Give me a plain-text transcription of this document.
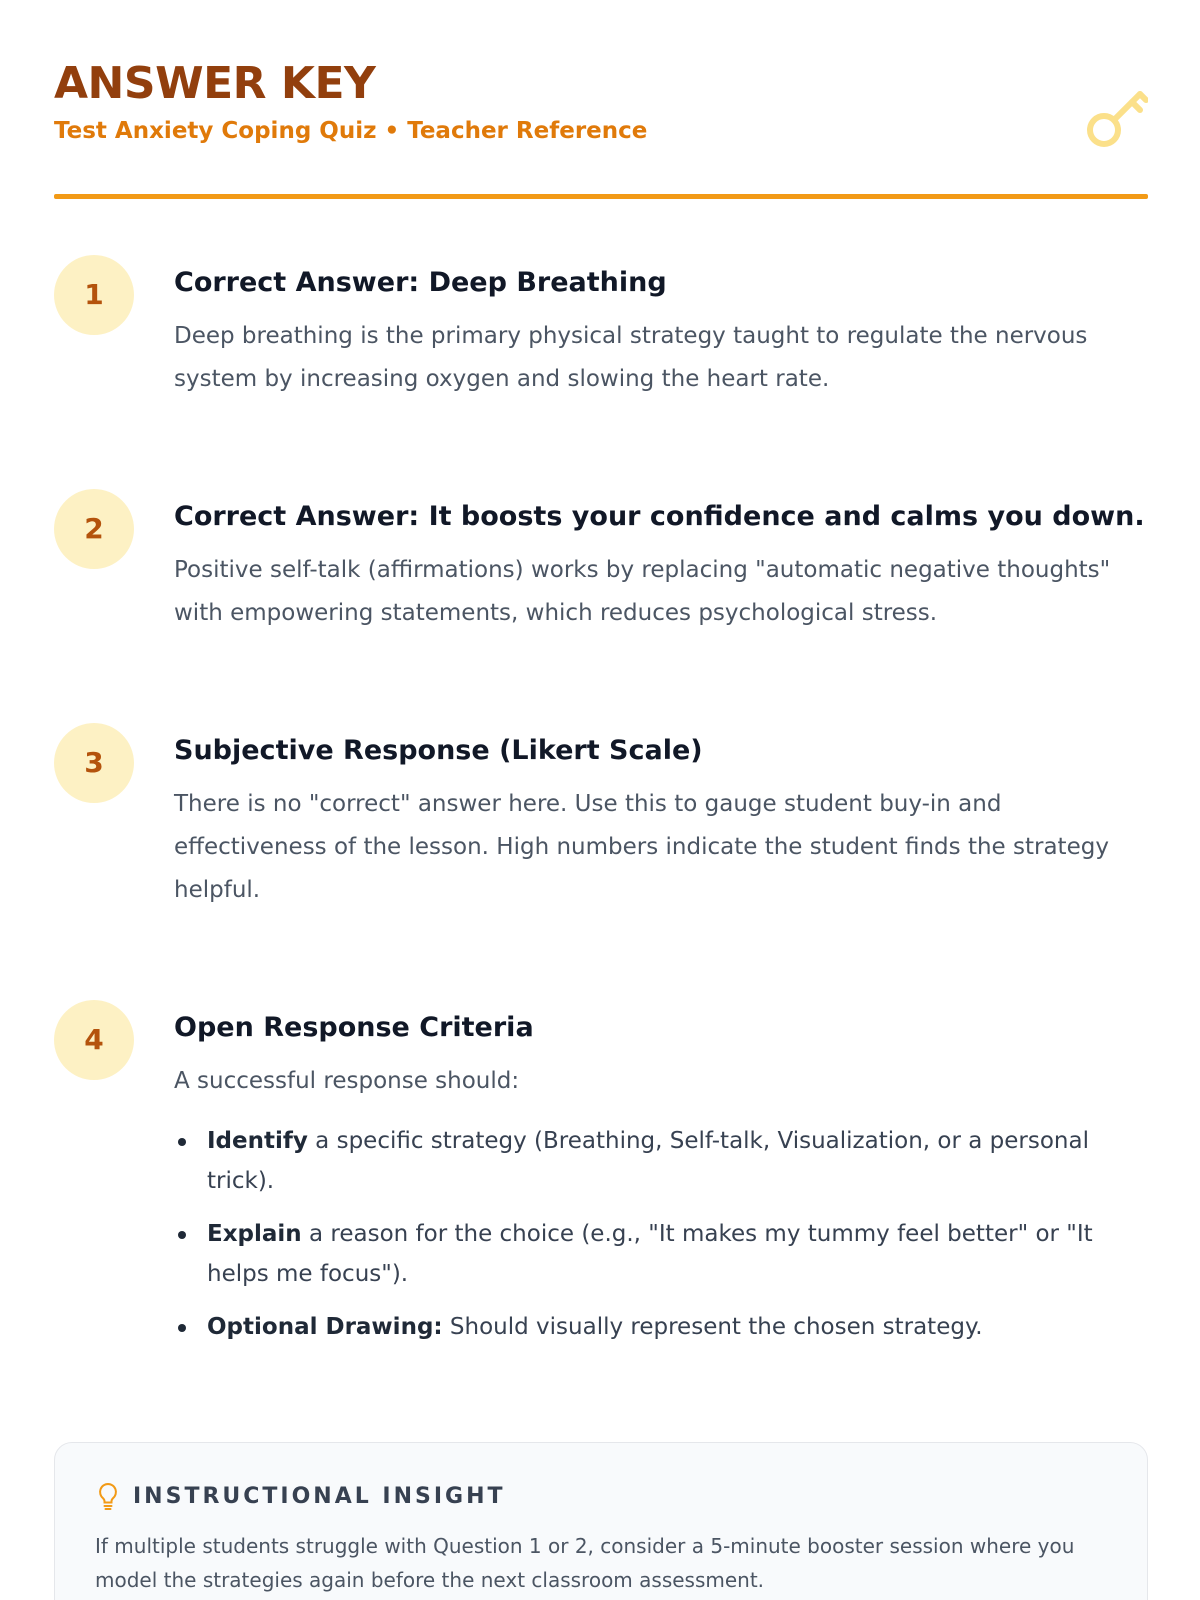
ANSWER KEY
Test Anxiety Coping Quiz • Teacher Reference
1	Correct Answer: Deep Breathing
Deep breathing is the primary physical strategy taught to regulate the nervous system by increasing oxygen and slowing the heart rate.
2	Correct Answer: It boosts your confidence and calms you down.
Positive self-talk (affirmations) works by replacing "automatic negative thoughts" with empowering statements, which reduces psychological stress.
3	Subjective Response (Likert Scale)
There is no "correct" answer here. Use this to gauge student buy-in and effectiveness of the lesson. High numbers indicate the student finds the strategy helpful.
4	Open Response Criteria
A successful response should:
Identify a specific strategy (Breathing, Self-talk, Visualization, or a personal trick).
Explain a reason for the choice (e.g., "It makes my tummy feel better" or "It helps me focus").
Optional Drawing: Should visually represent the chosen strategy.
INSTRUCTIONAL INSIGHT
If multiple students struggle with Question 1 or 2, consider a 5-minute booster session where you model the strategies again before the next classroom assessment.
